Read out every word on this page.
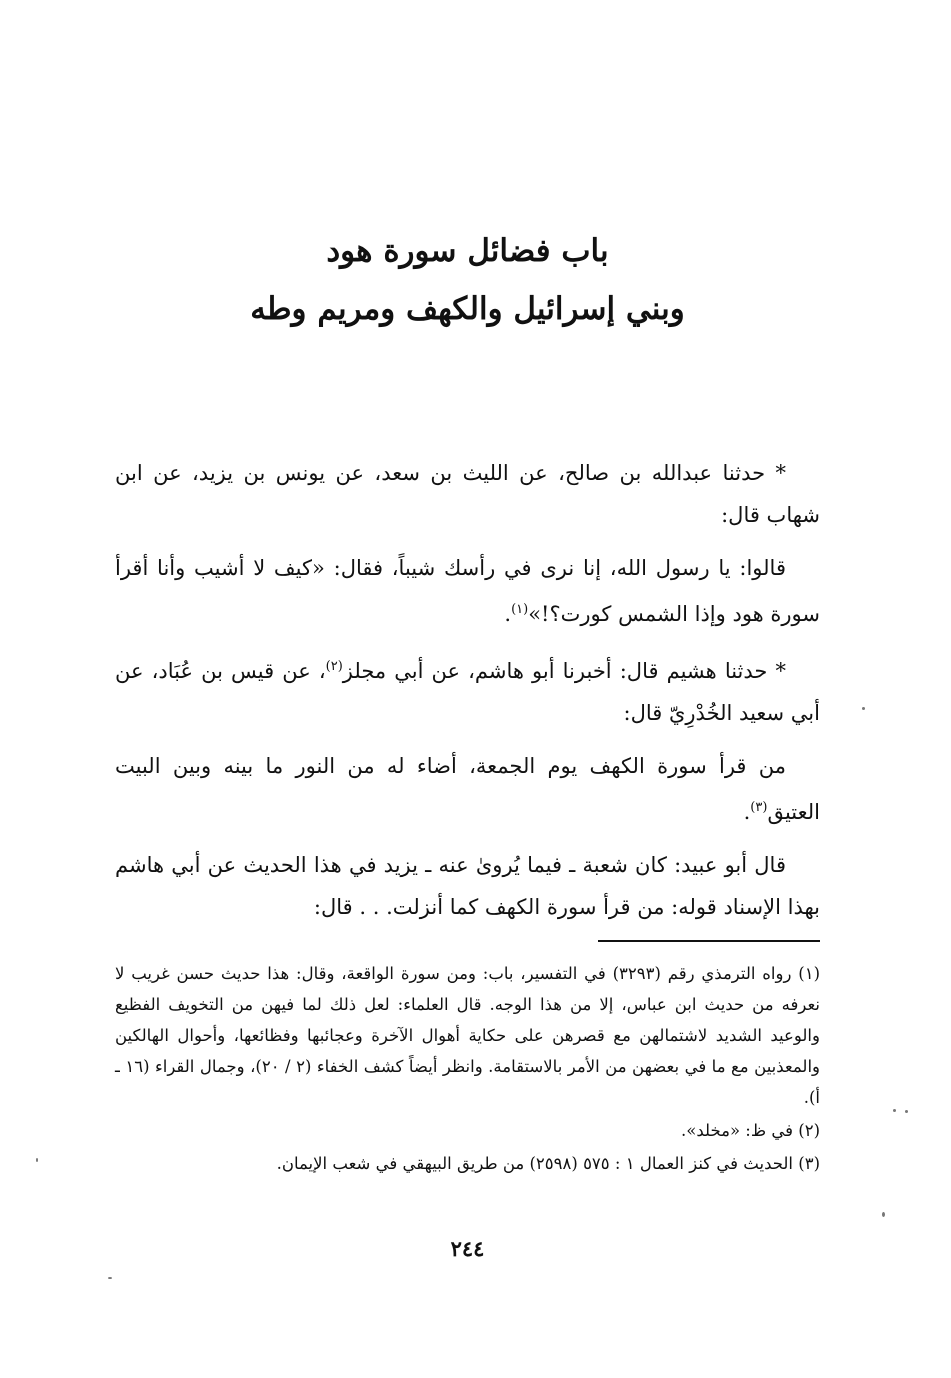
باب فضائل سورة هود
وبني إسرائيل والكهف ومريم وطه

* حدثنا عبدالله بن صالح، عن الليث بن سعد، عن يونس بن يزيد، عن ابن شهاب قال:

قالوا: يا رسول الله، إنا نرى في رأسك شيباً، فقال: «كيف لا أشيب وأنا أقرأ سورة هود وإذا الشمس كورت؟!»$^{(١)}$.

* حدثنا هشيم قال: أخبرنا أبو هاشم، عن أبي مجلز$^{(٢)}$، عن قيس بن عُبَاد، عن أبي سعيد الخُدْرِيّ قال:

من قرأ سورة الكهف يوم الجمعة، أضاء له من النور ما بينه وبين البيت العتيق$^{(٣)}$.

قال أبو عبيد: كان شعبة ـ فيما يُروىٰ عنه ـ يزيد في هذا الحديث عن أبي هاشم بهذا الإسناد قوله: من قرأ سورة الكهف كما أنزلت. . . قال:

(١) رواه الترمذي رقم (٣٢٩٣) في التفسير، باب: ومن سورة الواقعة، وقال: هذا حديث حسن غريب لا نعرفه من حديث ابن عباس، إلا من هذا الوجه. قال العلماء: لعل ذلك لما فيهن من التخويف الفظيع والوعيد الشديد لاشتمالهن مع قصرهن على حكاية أهوال الآخرة وعجائبها وفظائعها، وأحوال الهالكين والمعذبين مع ما في بعضهن من الأمر بالاستقامة. وانظر أيضاً كشف الخفاء (٢ / ٢٠)، وجمال القراء (١٦ ـ أ).

(٢) في ظ: «مخلد».

(٣) الحديث في كنز العمال ١ : ٥٧٥ (٢٥٩٨) من طريق البيهقي في شعب الإيمان.

٢٤٤
